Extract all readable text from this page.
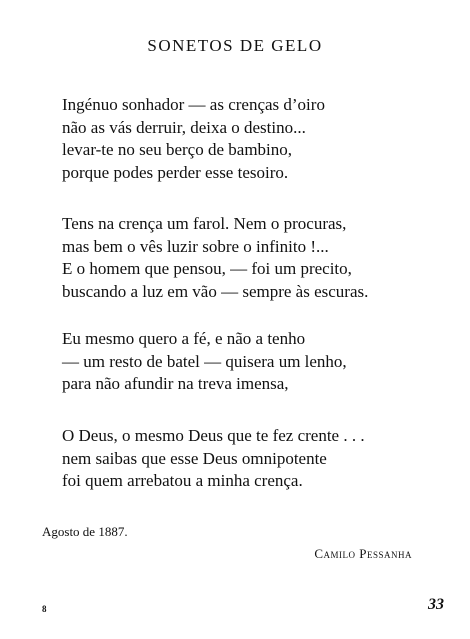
SONETOS DE GELO

Ingénuo sonhador — as crenças d’oiro
não as vás derruir, deixa o destino...
levar-te no seu berço de bambino,
porque podes perder esse tesoiro.

Tens na crença um farol. Nem o procuras,
mas bem o vês luzir sobre o infinito !...
E o homem que pensou, — foi um precito,
buscando a luz em vão — sempre às escuras.

Eu mesmo quero a fé, e não a tenho
— um resto de batel — quisera um lenho,
para não afundir na treva imensa,

O Deus, o mesmo Deus que te fez crente . . .
nem saibas que esse Deus omnipotente
foi quem arrebatou a minha crença.

Agosto de 1887.
Camilo Pessanha
8	33
